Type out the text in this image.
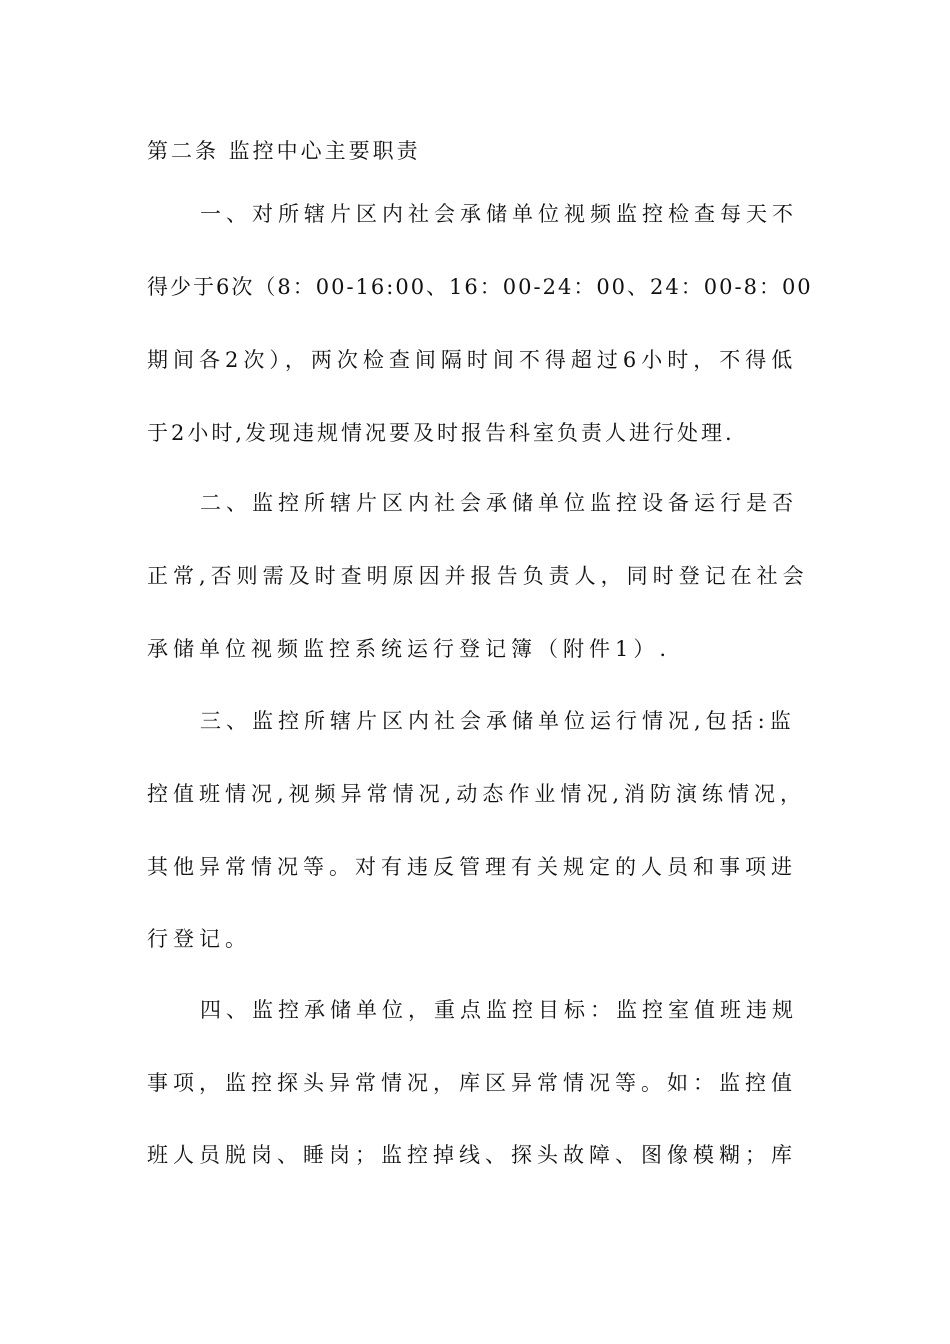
第二条 监控中心主要职责
一、对所辖片区内社会承储单位视频监控检查每天不
得少于6次（8：00-16:00、16：00-24：00、24：00-8：00
期间各2次），两次检查间隔时间不得超过6小时，不得低
于2小时,发现违规情况要及时报告科室负责人进行处理.
二、监控所辖片区内社会承储单位监控设备运行是否
正常,否则需及时查明原因并报告负责人，同时登记在社会
承储单位视频监控系统运行登记簿（附件1）.
三、监控所辖片区内社会承储单位运行情况,包括:监
控值班情况,视频异常情况,动态作业情况,消防演练情况，
其他异常情况等。对有违反管理有关规定的人员和事项进
行登记。
四、监控承储单位，重点监控目标：监控室值班违规
事项，监控探头异常情况，库区异常情况等。如：监控值
班人员脱岗、睡岗；监控掉线、探头故障、图像模糊；库
